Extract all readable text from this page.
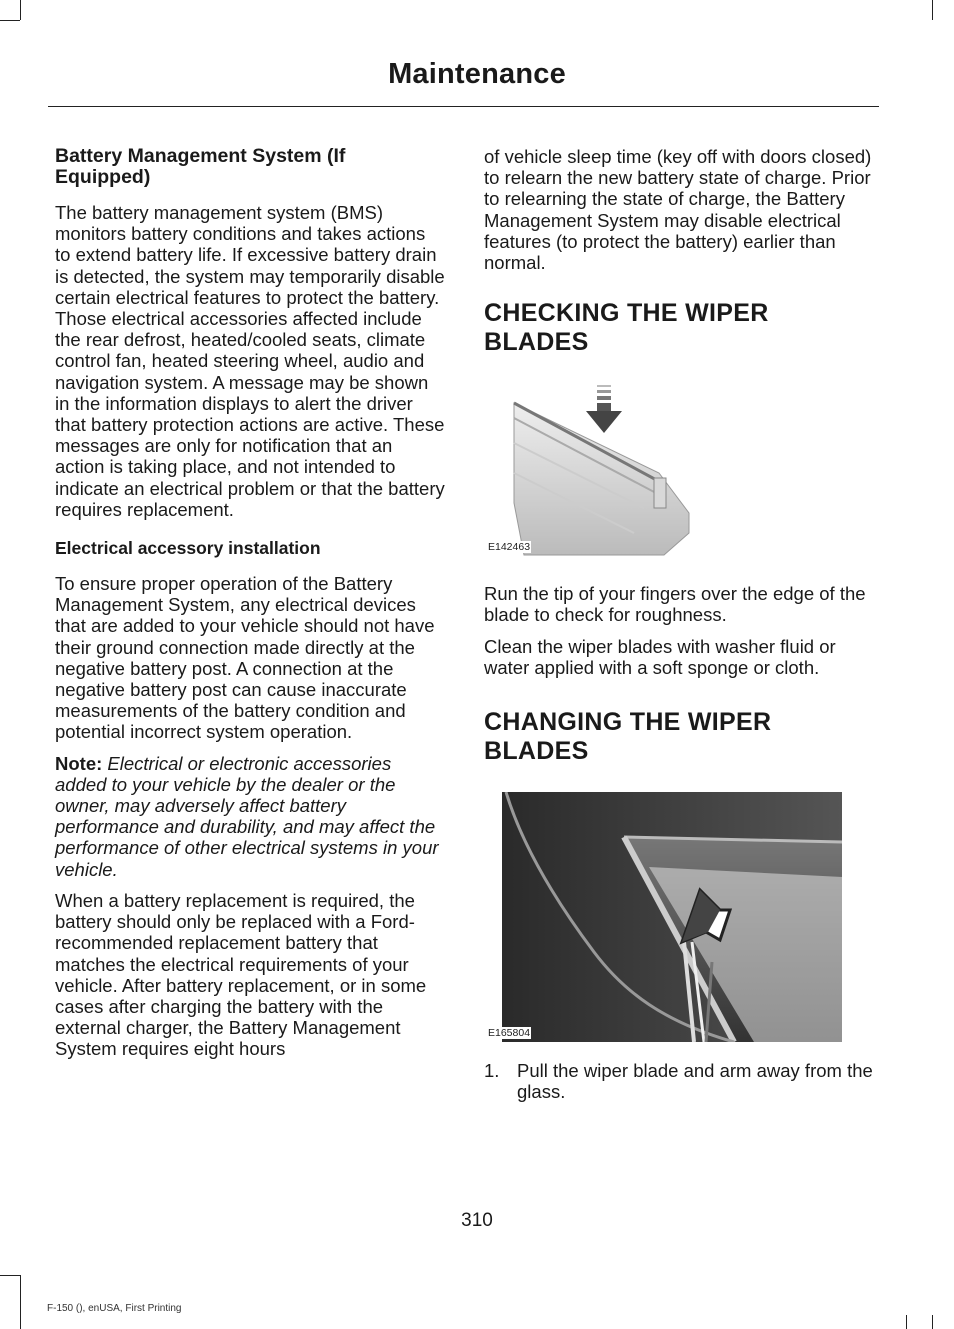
Maintenance
Battery Management System (If Equipped)

The battery management system (BMS) monitors battery conditions and takes actions to extend battery life. If excessive battery drain is detected, the system may temporarily disable certain electrical features to protect the battery. Those electrical accessories affected include the rear defrost, heated/cooled seats, climate control fan, heated steering wheel, audio and navigation system. A message may be shown in the information displays to alert the driver that battery protection actions are active. These messages are only for notification that an action is taking place, and not intended to indicate an electrical problem or that the battery requires replacement.

Electrical accessory installation

To ensure proper operation of the Battery Management System, any electrical devices that are added to your vehicle should not have their ground connection made directly at the negative battery post. A connection at the negative battery post can cause inaccurate measurements of the battery condition and potential incorrect system operation.

Note: Electrical or electronic accessories added to your vehicle by the dealer or the owner, may adversely affect battery performance and durability, and may affect the performance of other electrical systems in your vehicle.

When a battery replacement is required, the battery should only be replaced with a Ford-recommended replacement battery that matches the electrical requirements of your vehicle. After battery replacement, or in some cases after charging the battery with the external charger, the Battery Management System requires eight hours

of vehicle sleep time (key off with doors closed) to relearn the new battery state of charge. Prior to relearning the state of charge, the Battery Management System may disable electrical features (to protect the battery) earlier than normal.

CHECKING THE WIPER BLADES
E142463

Run the tip of your fingers over the edge of the blade to check for roughness.

Clean the wiper blades with washer fluid or water applied with a soft sponge or cloth.

CHANGING THE WIPER BLADES
E165804
1. Pull the wiper blade and arm away from the glass.
310
F-150 (), enUSA, First Printing
